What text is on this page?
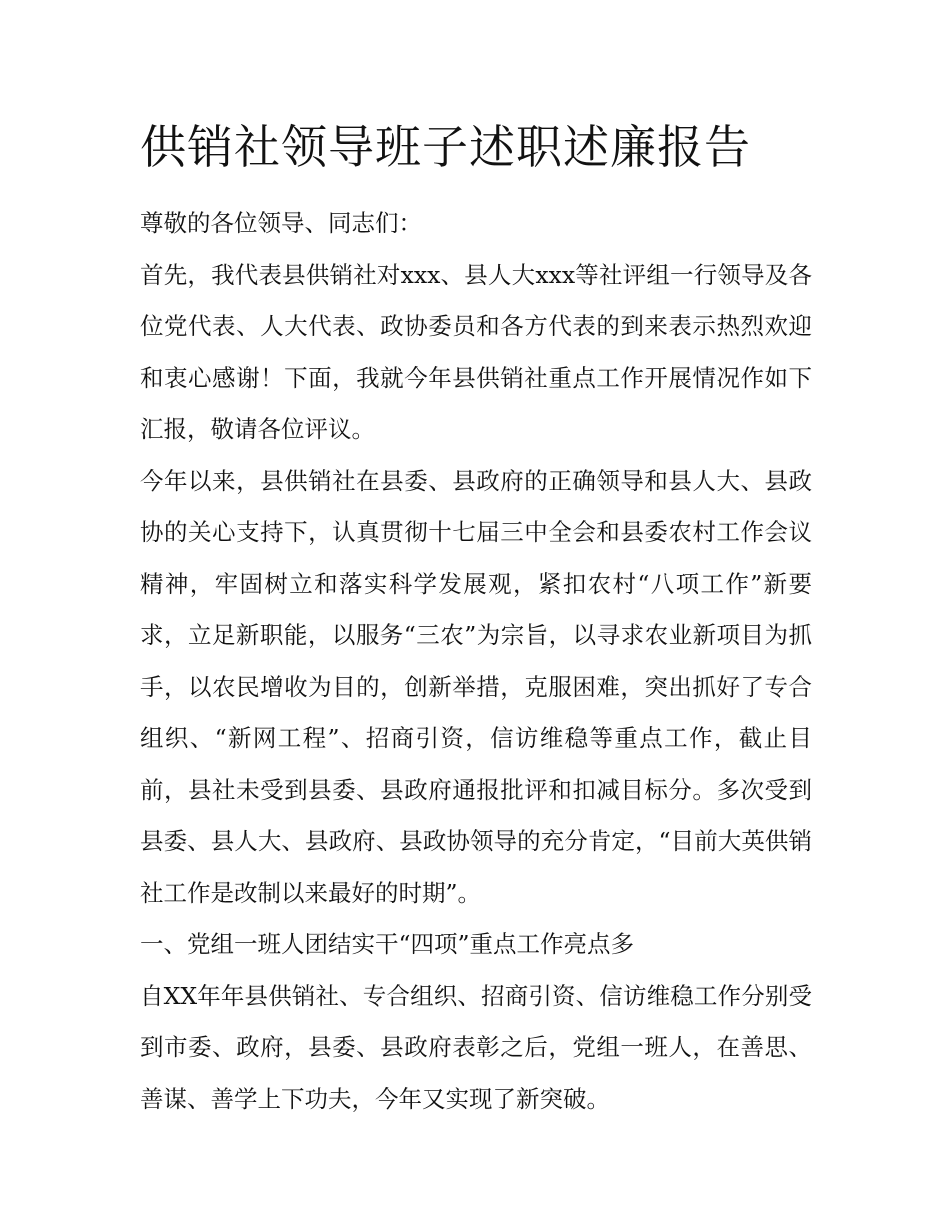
供销社领导班子述职述廉报告

尊敬的各位领导、同志们：

首先，我代表县供销社对xxx、县人大xxx等社评组一行领导及各位党代表、人大代表、政协委员和各方代表的到来表示热烈欢迎和衷心感谢！下面，我就今年县供销社重点工作开展情况作如下汇报，敬请各位评议。

今年以来，县供销社在县委、县政府的正确领导和县人大、县政协的关心支持下，认真贯彻十七届三中全会和县委农村工作会议精神，牢固树立和落实科学发展观，紧扣农村“八项工作”新要求，立足新职能，以服务“三农”为宗旨，以寻求农业新项目为抓手，以农民增收为目的，创新举措，克服困难，突出抓好了专合组织、“新网工程”、招商引资，信访维稳等重点工作，截止目前，县社未受到县委、县政府通报批评和扣减目标分。多次受到县委、县人大、县政府、县政协领导的充分肯定，“目前大英供销社工作是改制以来最好的时期”。

一、党组一班人团结实干“四项”重点工作亮点多

自XX年年县供销社、专合组织、招商引资、信访维稳工作分别受到市委、政府，县委、县政府表彰之后，党组一班人，在善思、善谋、善学上下功夫，今年又实现了新突破。
